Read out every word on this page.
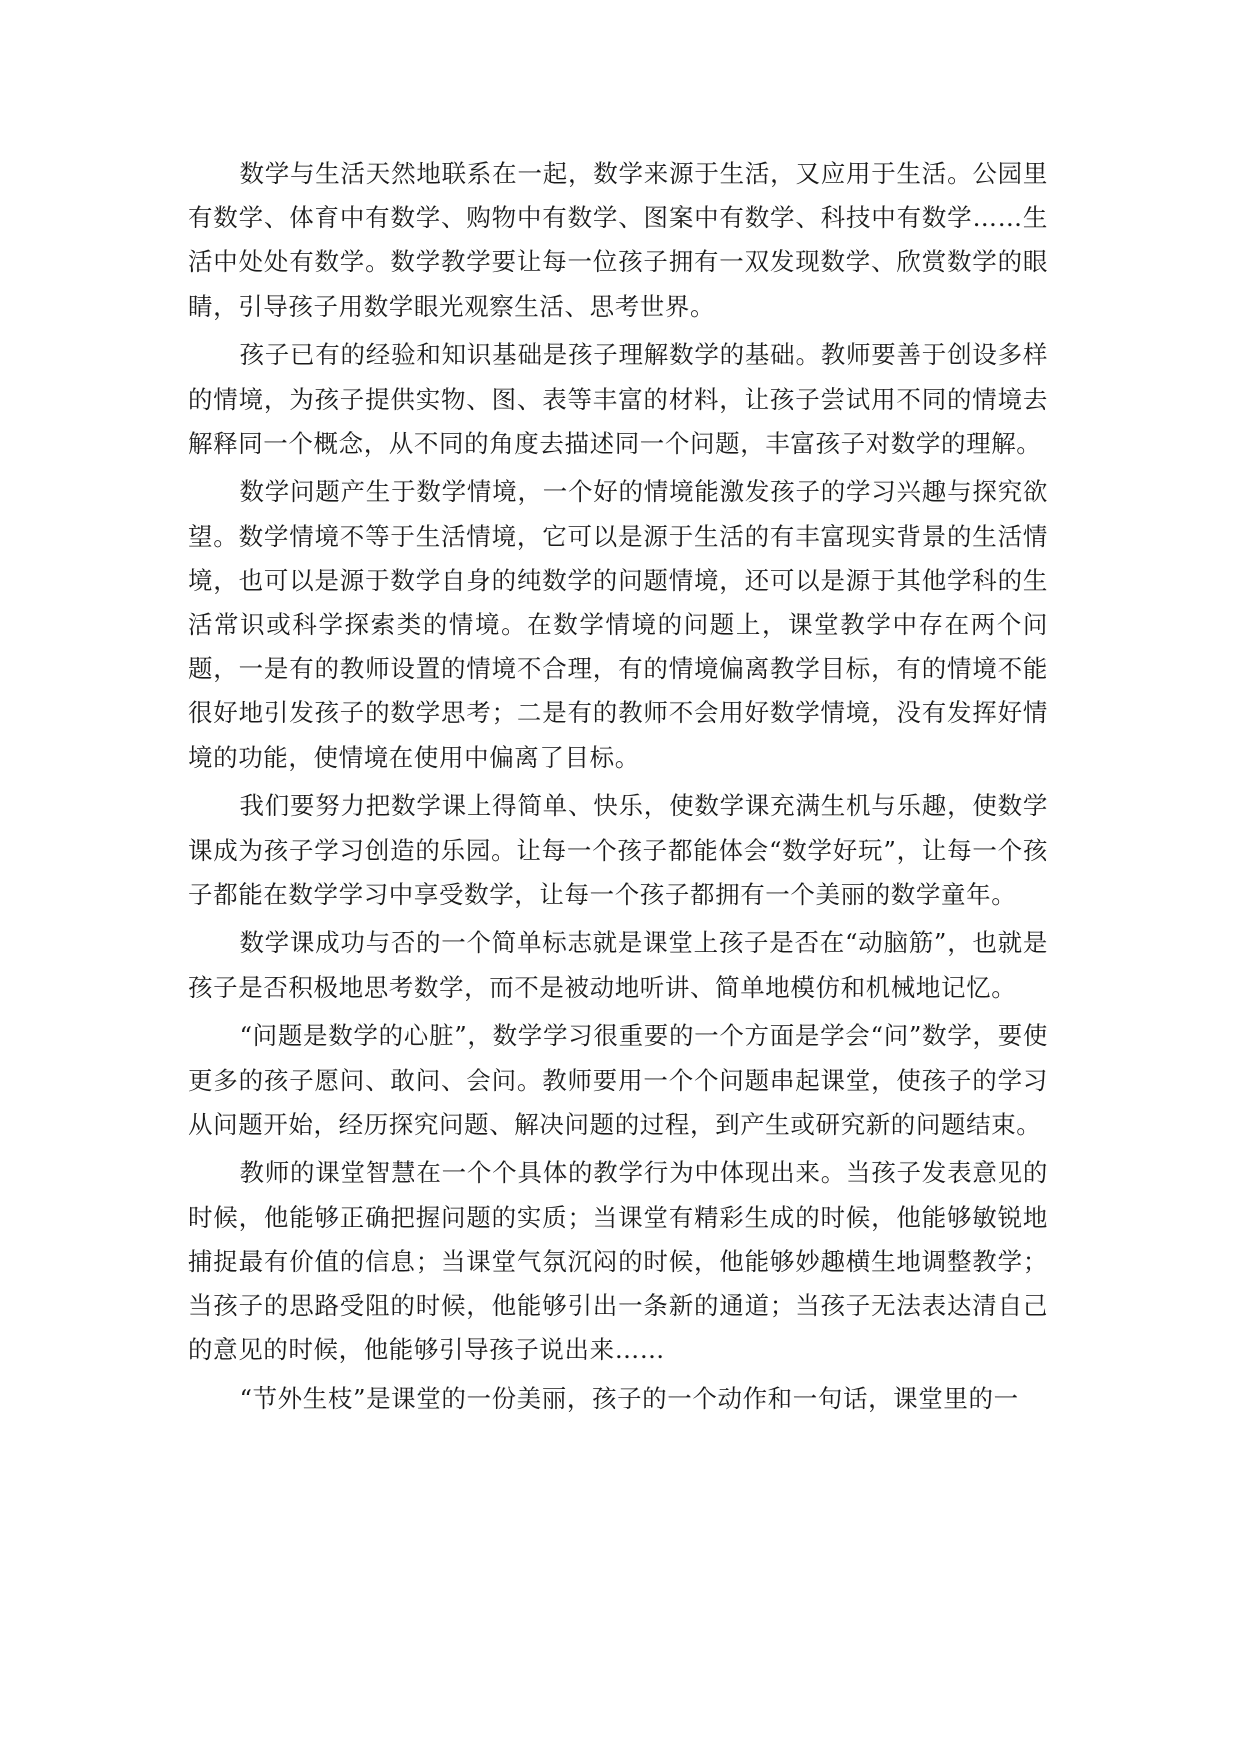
数学与生活天然地联系在一起，数学来源于生活，又应用于生活。公园里有数学、体育中有数学、购物中有数学、图案中有数学、科技中有数学……生活中处处有数学。数学教学要让每一位孩子拥有一双发现数学、欣赏数学的眼睛，引导孩子用数学眼光观察生活、思考世界。

孩子已有的经验和知识基础是孩子理解数学的基础。教师要善于创设多样的情境，为孩子提供实物、图、表等丰富的材料，让孩子尝试用不同的情境去解释同一个概念，从不同的角度去描述同一个问题，丰富孩子对数学的理解。

数学问题产生于数学情境，一个好的情境能激发孩子的学习兴趣与探究欲望。数学情境不等于生活情境，它可以是源于生活的有丰富现实背景的生活情境，也可以是源于数学自身的纯数学的问题情境，还可以是源于其他学科的生活常识或科学探索类的情境。在数学情境的问题上，课堂教学中存在两个问题，一是有的教师设置的情境不合理，有的情境偏离教学目标，有的情境不能很好地引发孩子的数学思考；二是有的教师不会用好数学情境，没有发挥好情境的功能，使情境在使用中偏离了目标。

我们要努力把数学课上得简单、快乐，使数学课充满生机与乐趣，使数学课成为孩子学习创造的乐园。让每一个孩子都能体会“数学好玩”，让每一个孩子都能在数学学习中享受数学，让每一个孩子都拥有一个美丽的数学童年。

数学课成功与否的一个简单标志就是课堂上孩子是否在“动脑筋”，也就是孩子是否积极地思考数学，而不是被动地听讲、简单地模仿和机械地记忆。

“问题是数学的心脏”，数学学习很重要的一个方面是学会“问”数学，要使更多的孩子愿问、敢问、会问。教师要用一个个问题串起课堂，使孩子的学习从问题开始，经历探究问题、解决问题的过程，到产生或研究新的问题结束。

教师的课堂智慧在一个个具体的教学行为中体现出来。当孩子发表意见的时候，他能够正确把握问题的实质；当课堂有精彩生成的时候，他能够敏锐地捕捉最有价值的信息；当课堂气氛沉闷的时候，他能够妙趣横生地调整教学；当孩子的思路受阻的时候，他能够引出一条新的通道；当孩子无法表达清自己的意见的时候，他能够引导孩子说出来……

“节外生枝”是课堂的一份美丽，孩子的一个动作和一句话，课堂里的一
